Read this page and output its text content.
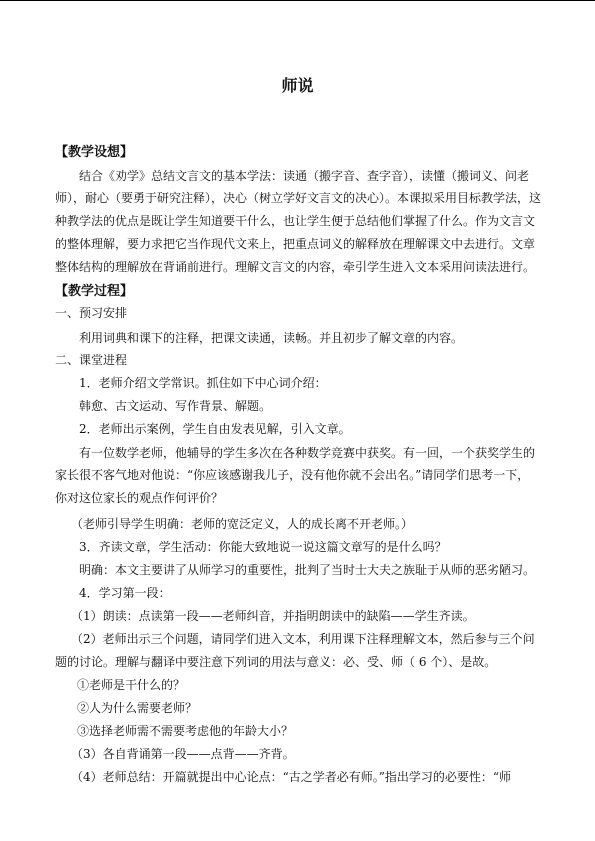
师说
【教学设想】
结合《劝学》总结文言文的基本学法：读通（搬字音、查字音），读懂（搬词义、问老
师），耐心（要勇于研究注释），决心（树立学好文言文的决心）。本课拟采用目标教学法，这
种教学法的优点是既让学生知道要干什么，也让学生便于总结他们掌握了什么。作为文言文
的整体理解，要力求把它当作现代文来上，把重点词义的解释放在理解课文中去进行。文章
整体结构的理解放在背诵前进行。理解文言文的内容，牵引学生进入文本采用问读法进行。
【教学过程】
一、预习安排
利用词典和课下的注释，把课文读通，读畅。并且初步了解文章的内容。
二、课堂进程
1．老师介绍文学常识。抓住如下中心词介绍：
韩愈、古文运动、写作背景、解题。
2．老师出示案例，学生自由发表见解，引入文章。
有一位数学老师，他辅导的学生多次在各种数学竞赛中获奖。有一回，一个获奖学生的
家长很不客气地对他说：“你应该感谢我儿子，没有他你就不会出名。”请同学们思考一下，
你对这位家长的观点作何评价？
（老师引导学生明确：老师的宽泛定义，人的成长离不开老师。）
3．齐读文章，学生活动：你能大致地说一说这篇文章写的是什么吗？
明确：本文主要讲了从师学习的重要性，批判了当时士大夫之族耻于从师的恶劣陋习。
4．学习第一段：
（1）朗读：点读第一段——老师纠音，并指明朗读中的缺陷——学生齐读。
（2）老师出示三个问题，请同学们进入文本，利用课下注释理解文本，然后参与三个问
题的讨论。理解与翻译中要注意下列词的用法与意义：必、受、师（ 6 个）、是故。
①老师是干什么的？
②人为什么需要老师？
③选择老师需不需要考虑他的年龄大小？
（3）各自背诵第一段——点背——齐背。
（4）老师总结：开篇就提出中心论点：“古之学者必有师。”指出学习的必要性：“师
